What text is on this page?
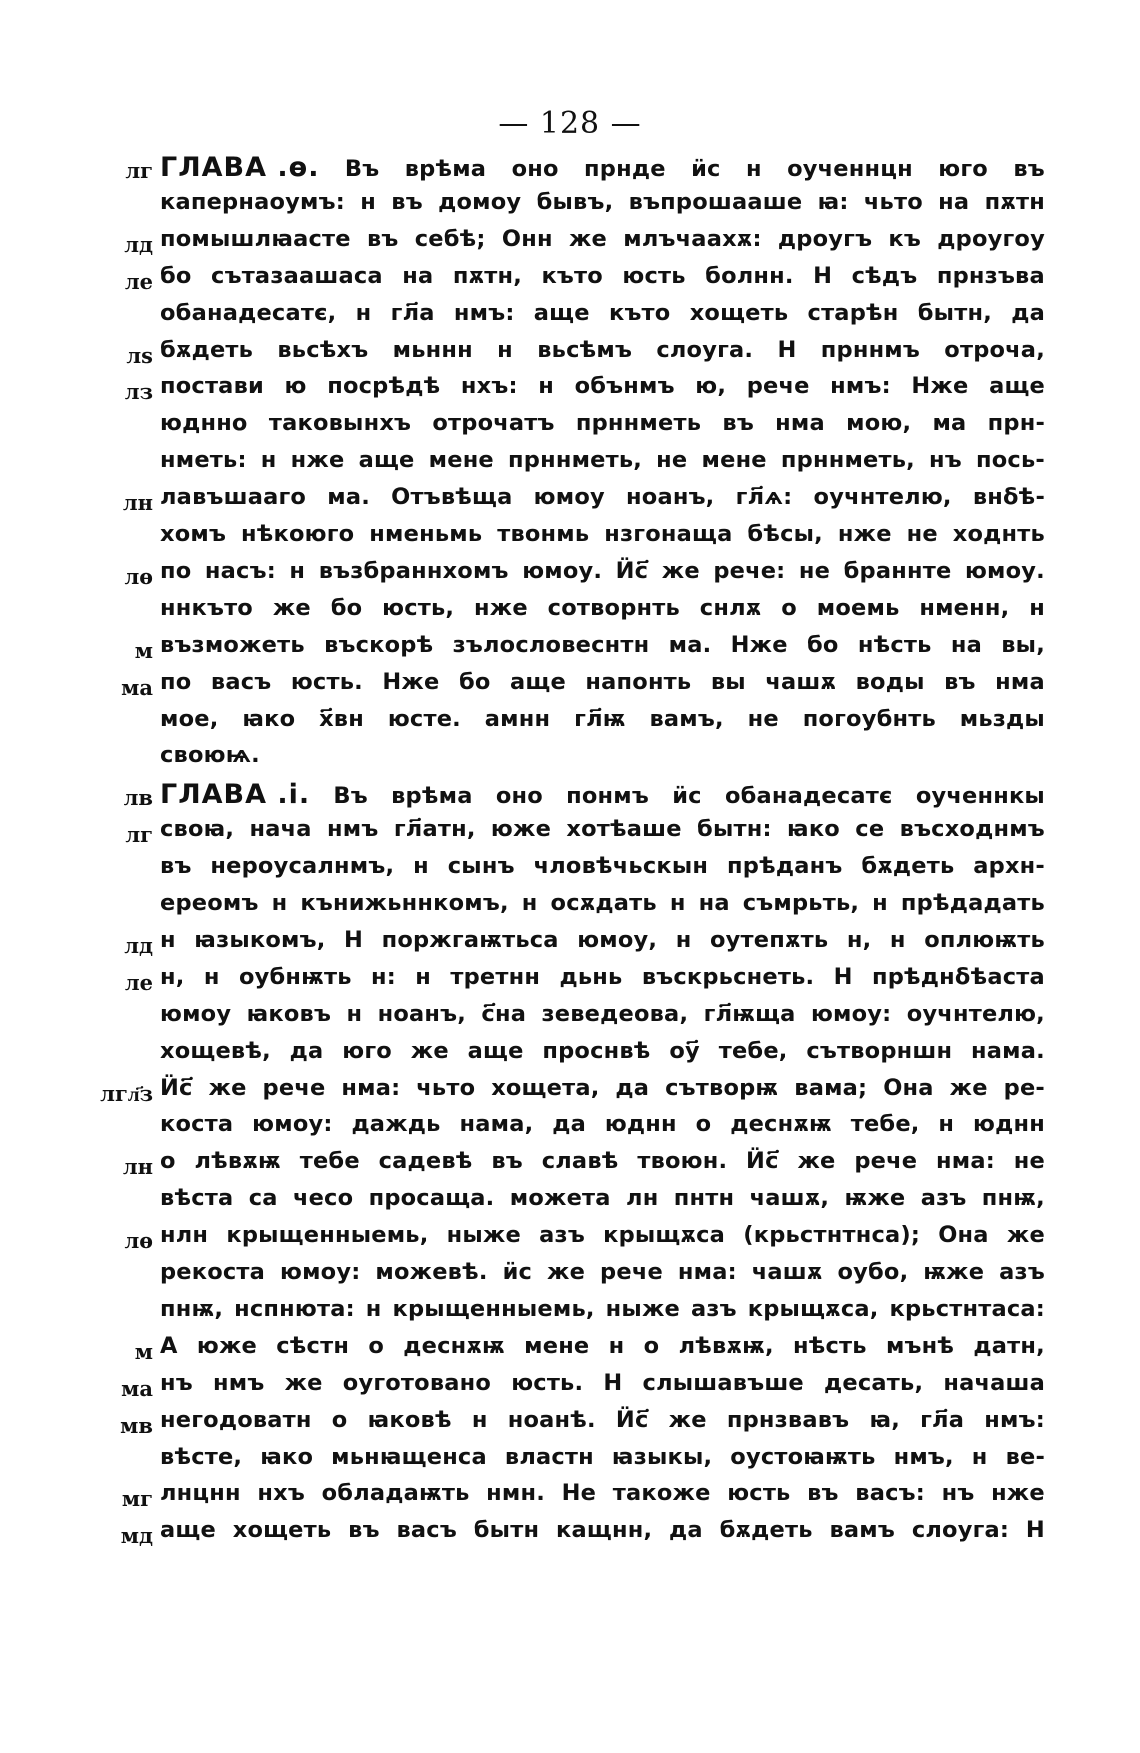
— 128 —
лг ГЛАВА .ѳ. Въ врѣма оно прнде ӥс н оученнцн юго въ
капернаоумъ: н въ домоу бывъ, въпрошааше ꙗ: чьто на пѫтн
лд помышлꙗасте въ себѣ; Онн же млъчаахѫ: дроугъ къ дроугоу
ле бо сътазаашаса на пѫтн, къто юсть болнн. Н сѣдъ прнзъва
обанадесатє, н гл҃а нмъ: аще къто хощеть старѣн бытн, да
лѕ бѫдеть вьсѣхъ мьннн н вьсѣмъ слоуга. Н прннмъ отроча,
лз постави ю посрѣдѣ нхъ: н обънмъ ю, рече нмъ: Нже аще
юдннο таковынхъ отрочатъ прннметь въ нма мою, ма прн-
нметь: н нже аще мене прннметь, не мене прннметь, нъ пось-
лн лавъшааго ма. Отъвѣща юмоу ноанъ, гл҃ѧ: оучнтелю, внδѣ-
хомъ нѣкоюго нменьмь твонмь нзгонаща бѣсы, нже не ходнть
лѳ по насъ: н възбраннхомъ юмоу. Ӥс҃ же рече: не браннте юмоу.
ннкъто же бо юсть, нже сотворнть снлѫ о моемь нменн, н
м възможеть въскорѣ зълословеснтн ма. Нже бо нѣсть на вы,
ма по васъ юсть. Нже бо аще напонть вы чашѫ воды въ нма
мое, ꙗко х҃вн юсте. амнн гл҃ѭ вамъ, не погоубнть мьзды
своюѩ.
лв ГЛАВА .і. Въ врѣма оно понмъ ӥс обанадесатє оученнкы
лг своꙗ, нача нмъ гл҃атн, юже хотѣаше бытн: ꙗко се въсходнмъ
въ нероусалнмъ, н сынъ чловѣчьскын прѣданъ бѫдеть архн-
ереомъ н кънижьннкомъ, н осѫдать н на съмрьть, н прѣдадать
лд н ꙗзыкомъ, Н поржгаѭтьса юмоу, н оутепѫть н, н оплюѭть
ле н, н оубнѭть н: н третнн дьнь въскрьснеть. Н прѣднδѣаста
юмоу ꙗковъ н ноанъ, с҃на зеведеова, гл҃ѭща юмоу: оучнтелю,
хощевѣ, да юго же аще проснвѣ оу҃ тебе, сътворншн нама.
лгл҃з Ӥс҃ же рече нма: чьто хощета, да сътворѭ вама; Она же ре-
коста юмоу: даждь нама, да юднн о деснѫѭ тебе, н юднн
лн о лѣвѫѭ тебе садевѣ въ славѣ твоюн. Ӥс҃ же рече нма: не
вѣста са чесо просаща. можета лн пнтн чашѫ, ѭже азъ пнѭ,
лѳ нлн крыщенныемь, ныже азъ крыщѫса (крьстнтнса); Она же
рекоста юмоу: можевѣ. ӥс же рече нма: чашѫ оубо, ѭже азъ
пнѭ, нспнюта: н крыщенныемь, ныже азъ крыщѫса, крьстнтаса:
м А юже сѣстн о деснѫѭ мене н о лѣвѫѭ, нѣсть мънѣ датн,
ма нъ нмъ же оуготовано юсть. Н слышавъше десать, начаша
мв негодоватн о ꙗковѣ н ноанѣ. Ӥс҃ же прнзвавъ ꙗ, гл҃а нмъ:
вѣсте, ꙗко мьнꙗщенса властн ꙗзыкы, оустоꙗѭть нмъ, н ве-
мг лнцнн нхъ обладаѭть нмн. Не такоже юсть въ васъ: нъ нже
мд аще хощеть въ васъ бытн кащнн, да бѫдеть вамъ слоуга: Н
